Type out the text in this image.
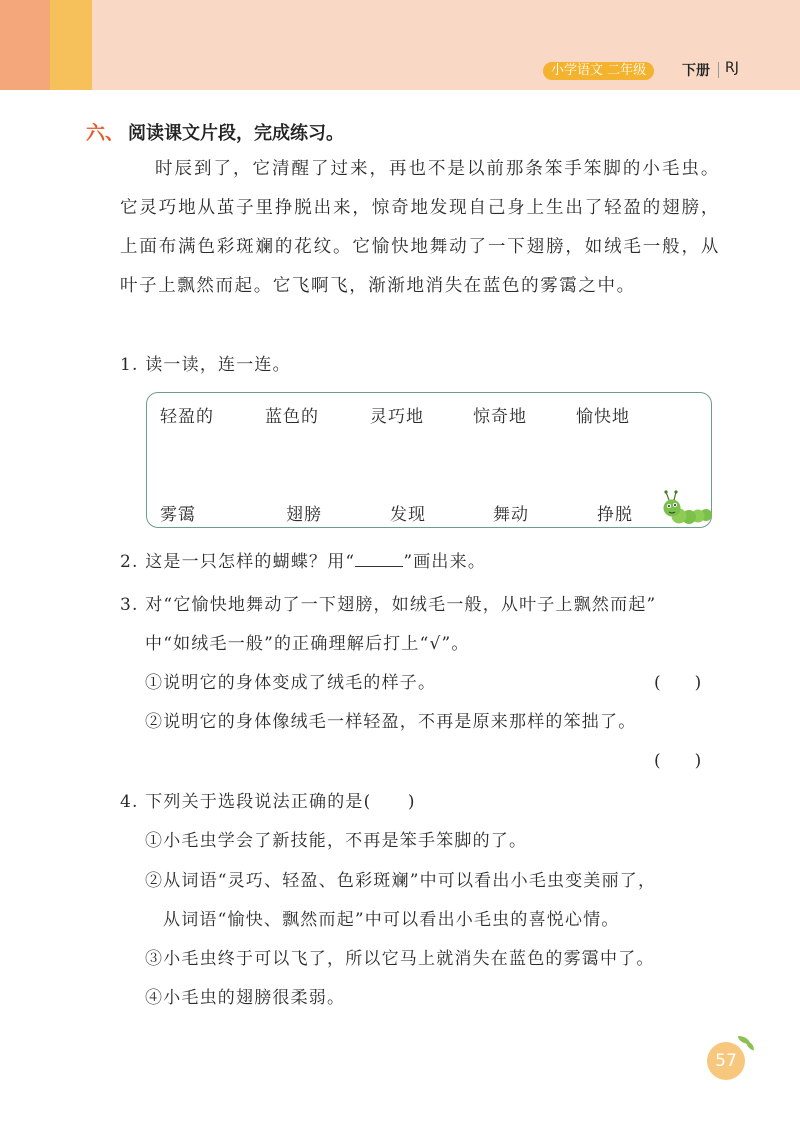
小学语文 二年级	下册 RJ
六、 阅读课文片段，完成练习。
时辰到了，它清醒了过来，再也不是以前那条笨手笨脚的小毛虫。它灵巧地从茧子里挣脱出来，惊奇地发现自己身上生出了轻盈的翅膀，上面布满色彩斑斓的花纹。它愉快地舞动了一下翅膀，如绒毛一般，从叶子上飘然而起。它飞啊飞，渐渐地消失在蓝色的雾霭之中。
1. 读一读，连一连。
轻盈的	蓝色的	灵巧地	惊奇地	愉快地
雾霭	翅膀	发现	舞动	挣脱
2. 这是一只怎样的蝴蝶？用“	”画出来。
3. 对“它愉快地舞动了一下翅膀，如绒毛一般，从叶子上飘然而起”
中“如绒毛一般”的正确理解后打上“√”。
①说明它的身体变成了绒毛的样子。	(　　)
②说明它的身体像绒毛一样轻盈，不再是原来那样的笨拙了。
(　　)
4. 下列关于选段说法正确的是(　　)
①小毛虫学会了新技能，不再是笨手笨脚的了。
②从词语“灵巧、轻盈、色彩斑斓”中可以看出小毛虫变美丽了，
从词语“愉快、飘然而起”中可以看出小毛虫的喜悦心情。
③小毛虫终于可以飞了，所以它马上就消失在蓝色的雾霭中了。
④小毛虫的翅膀很柔弱。
57
